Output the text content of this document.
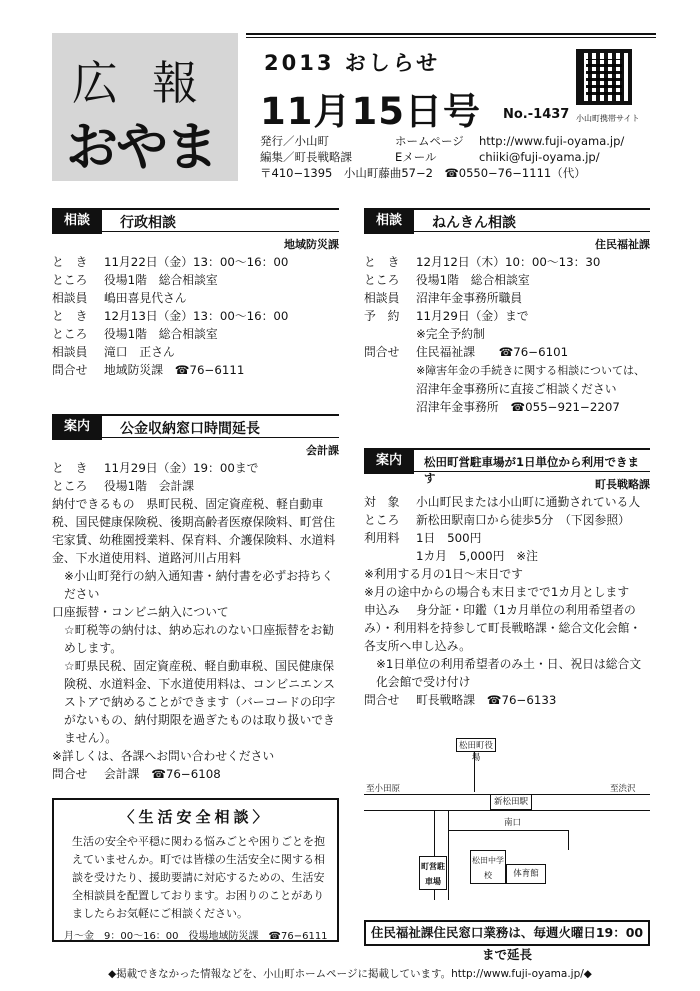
広報
おやま
2013 おしらせ
11月15日号 No.-1437 小山町携帯サイト
発行／小山町	ホームページ http://www.fuji-oyama.jp/
編集／町長戦略課	Eメール	chiiki@fuji-oyama.jp/
〒410−1395　小山町藤曲57−2　☎0550−76−1111（代）
相談	行政相談
地域防災課
と　き 11月22日（金）13：00〜16：00
ところ 役場1階　総合相談室
相談員 嶋田喜見代さん
と　き 12月13日（金）13：00〜16：00
ところ 役場1階　総合相談室
相談員 滝口　正さん
問合せ 地域防災課　☎76−6111
案内	公金収納窓口時間延長
会計課
と　き 11月29日（金）19：00まで
ところ 役場1階　会計課
納付できるもの　県町民税、固定資産税、軽自動車税、国民健康保険税、後期高齢者医療保険料、町営住宅家賃、幼稚園授業料、保育料、介護保険料、水道料金、下水道使用料、道路河川占用料
※小山町発行の納入通知書・納付書を必ずお持ちください
口座振替・コンビニ納入について
☆町税等の納付は、納め忘れのない口座振替をお勧めします。
☆町県民税、固定資産税、軽自動車税、国民健康保険税、水道料金、下水道使用料は、コンビニエンスストアで納めることができます（バーコードの印字がないもの、納付期限を過ぎたものは取り扱いできません）。
※詳しくは、各課へお問い合わせください
問合せ 会計課　☎76−6108
〈生活安全相談〉
生活の安全や平穏に関わる悩みごとや困りごとを抱えていませんか。町では皆様の生活安全に関する相談を受けたり、援助要請に対応するための、生活安全相談員を配置しております。お困りのことがありましたらお気軽にご相談ください。
月〜金　9：00〜16：00　役場地域防災課　☎76−6111
相談	ねんきん相談
住民福祉課
と　き 12月12日（木）10：00〜13：30
ところ 役場1階　総合相談室
相談員 沼津年金事務所職員
予　約 11月29日（金）まで
※完全予約制
問合せ 住民福祉課　　☎76−6101
※障害年金の手続きに関する相談については、
沼津年金事務所に直接ご相談ください
沼津年金事務所　☎055−921−2207
案内	松田町営駐車場が1日単位から利用できます	町長戦略課
対　象 小山町民または小山町に通勤されている人
ところ 新松田駅南口から徒歩5分　（下図参照）
利用料 1日　500円
1カ月　5,000円　※注
※利用する月の1日〜末日です
※月の途中からの場合も末日までで1カ月とします
申込み 身分証・印鑑（1カ月単位の利用希望者のみ）・利用料を持参して町長戦略課・総合文化会館・各支所へ申し込み。
※1日単位の利用希望者のみ土・日、祝日は総合文化会館で受け付け
問合せ 町長戦略課　☎76−6133
松田町役場
至小田原	至渋沢
新松田駅
南口
町営駐車場
松田中学校	体育館
住民福祉課住民窓口業務は、毎週火曜日19：00まで延長
◆掲載できなかった情報などを、小山町ホームページに掲載しています。http://www.fuji-oyama.jp/◆
